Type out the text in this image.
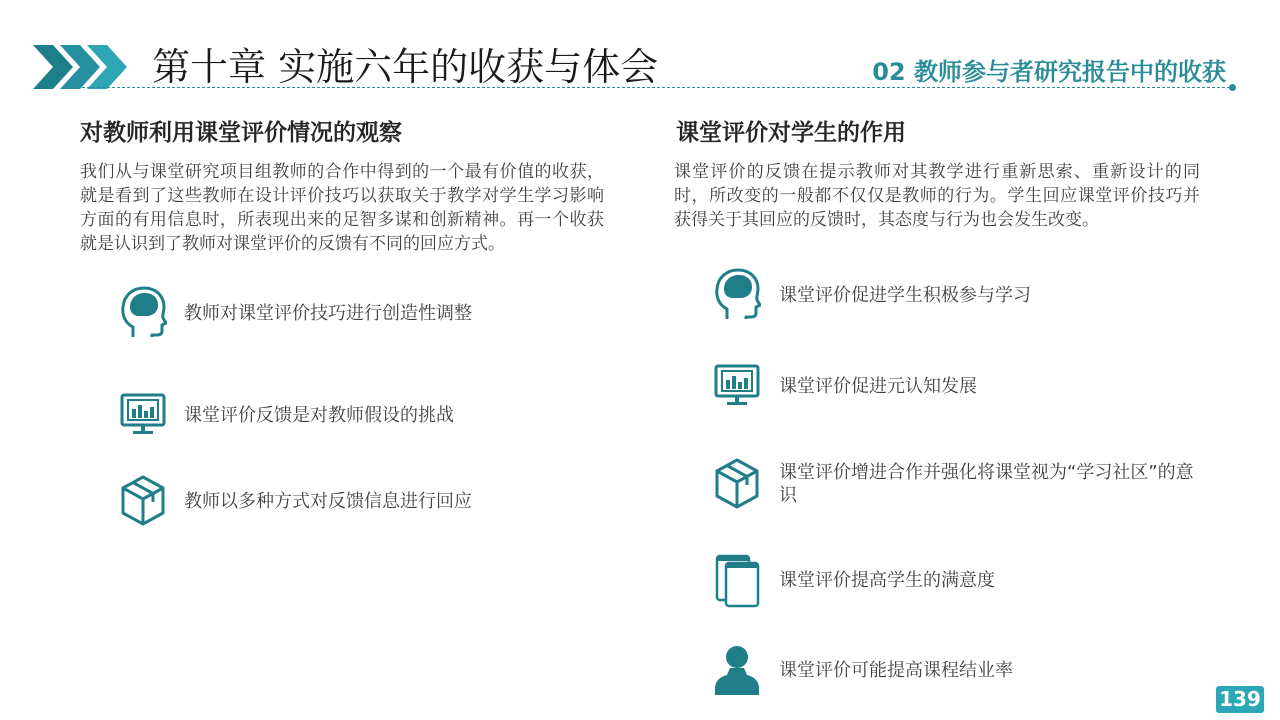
第十章 实施六年的收获与体会	02 教师参与者研究报告中的收获
对教师利用课堂评价情况的观察
我们从与课堂研究项目组教师的合作中得到的一个最有价值的收获，就是看到了这些教师在设计评价技巧以获取关于教学对学生学习影响方面的有用信息时，所表现出来的足智多谋和创新精神。再一个收获就是认识到了教师对课堂评价的反馈有不同的回应方式。
教师对课堂评价技巧进行创造性调整
课堂评价反馈是对教师假设的挑战
教师以多种方式对反馈信息进行回应
课堂评价对学生的作用
课堂评价的反馈在提示教师对其教学进行重新思索、重新设计的同时，所改变的一般都不仅仅是教师的行为。学生回应课堂评价技巧并获得关于其回应的反馈时，其态度与行为也会发生改变。
课堂评价促进学生积极参与学习
课堂评价促进元认知发展
课堂评价增进合作并强化将课堂视为“学习社区”的意识
课堂评价提高学生的满意度
课堂评价可能提高课程结业率
139
